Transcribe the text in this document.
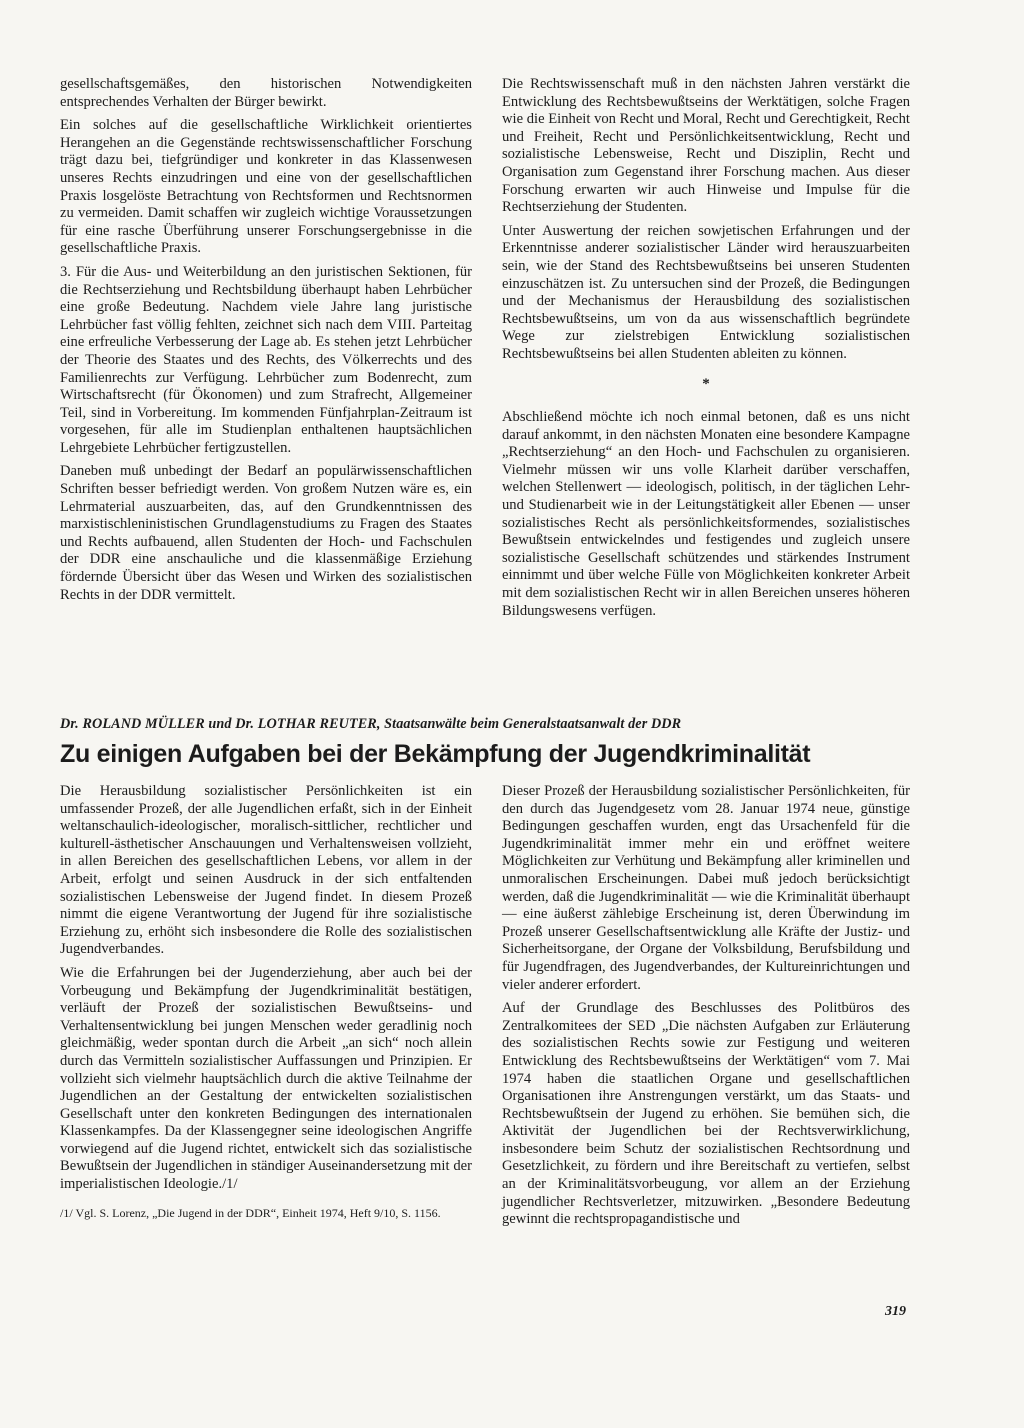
gesellschaftsgemäßes, den historischen Notwendigkeiten entsprechendes Verhalten der Bürger bewirkt.

Ein solches auf die gesellschaftliche Wirklichkeit orientiertes Herangehen an die Gegenstände rechtswissenschaftlicher Forschung trägt dazu bei, tiefgründiger und konkreter in das Klassenwesen unseres Rechts einzudringen und eine von der gesellschaftlichen Praxis losgelöste Betrachtung von Rechtsformen und Rechtsnormen zu vermeiden. Damit schaffen wir zugleich wichtige Voraussetzungen für eine rasche Überführung unserer Forschungsergebnisse in die gesellschaftliche Praxis.

3. Für die Aus- und Weiterbildung an den juristischen Sektionen, für die Rechtserziehung und Rechtsbildung überhaupt haben Lehrbücher eine große Bedeutung. Nachdem viele Jahre lang juristische Lehrbücher fast völlig fehlten, zeichnet sich nach dem VIII. Parteitag eine erfreuliche Verbesserung der Lage ab. Es stehen jetzt Lehrbücher der Theorie des Staates und des Rechts, des Völkerrechts und des Familienrechts zur Verfügung. Lehrbücher zum Bodenrecht, zum Wirtschaftsrecht (für Ökonomen) und zum Strafrecht, Allgemeiner Teil, sind in Vorbereitung. Im kommenden Fünfjahrplan-Zeitraum ist vorgesehen, für alle im Studienplan enthaltenen hauptsächlichen Lehrgebiete Lehrbücher fertigzustellen.

Daneben muß unbedingt der Bedarf an populärwissenschaftlichen Schriften besser befriedigt werden. Von großem Nutzen wäre es, ein Lehrmaterial auszuarbeiten, das, auf den Grundkenntnissen des marxistischleninistischen Grundlagenstudiums zu Fragen des Staates und Rechts aufbauend, allen Studenten der Hoch- und Fachschulen der DDR eine anschauliche und die klassenmäßige Erziehung fördernde Übersicht über das Wesen und Wirken des sozialistischen Rechts in der DDR vermittelt.

Die Rechtswissenschaft muß in den nächsten Jahren verstärkt die Entwicklung des Rechtsbewußtseins der Werktätigen, solche Fragen wie die Einheit von Recht und Moral, Recht und Gerechtigkeit, Recht und Freiheit, Recht und Persönlichkeitsentwicklung, Recht und sozialistische Lebensweise, Recht und Disziplin, Recht und Organisation zum Gegenstand ihrer Forschung machen. Aus dieser Forschung erwarten wir auch Hinweise und Impulse für die Rechtserziehung der Studenten.

Unter Auswertung der reichen sowjetischen Erfahrungen und der Erkenntnisse anderer sozialistischer Länder wird herauszuarbeiten sein, wie der Stand des Rechtsbewußtseins bei unseren Studenten einzuschätzen ist. Zu untersuchen sind der Prozeß, die Bedingungen und der Mechanismus der Herausbildung des sozialistischen Rechtsbewußtseins, um von da aus wissenschaftlich begründete Wege zur zielstrebigen Entwicklung sozialistischen Rechtsbewußtseins bei allen Studenten ableiten zu können.

*

Abschließend möchte ich noch einmal betonen, daß es uns nicht darauf ankommt, in den nächsten Monaten eine besondere Kampagne „Rechtserziehung“ an den Hoch- und Fachschulen zu organisieren. Vielmehr müssen wir uns volle Klarheit darüber verschaffen, welchen Stellenwert — ideologisch, politisch, in der täglichen Lehr- und Studienarbeit wie in der Leitungstätigkeit aller Ebenen — unser sozialistisches Recht als persönlichkeitsformendes, sozialistisches Bewußtsein entwickelndes und festigendes und zugleich unsere sozialistische Gesellschaft schützendes und stärkendes Instrument einnimmt und über welche Fülle von Möglichkeiten konkreter Arbeit mit dem sozialistischen Recht wir in allen Bereichen unseres höheren Bildungswesens verfügen.

Dr. ROLAND MÜLLER und Dr. LOTHAR REUTER, Staatsanwälte beim Generalstaatsanwalt der DDR
Zu einigen Aufgaben bei der Bekämpfung der Jugendkriminalität

Die Herausbildung sozialistischer Persönlichkeiten ist ein umfassender Prozeß, der alle Jugendlichen erfaßt, sich in der Einheit weltanschaulich-ideologischer, moralisch-sittlicher, rechtlicher und kulturell-ästhetischer Anschauungen und Verhaltensweisen vollzieht, in allen Bereichen des gesellschaftlichen Lebens, vor allem in der Arbeit, erfolgt und seinen Ausdruck in der sich entfaltenden sozialistischen Lebensweise der Jugend findet. In diesem Prozeß nimmt die eigene Verantwortung der Jugend für ihre sozialistische Erziehung zu, erhöht sich insbesondere die Rolle des sozialistischen Jugendverbandes.

Wie die Erfahrungen bei der Jugenderziehung, aber auch bei der Vorbeugung und Bekämpfung der Jugendkriminalität bestätigen, verläuft der Prozeß der sozialistischen Bewußtseins- und Verhaltensentwicklung bei jungen Menschen weder geradlinig noch gleichmäßig, weder spontan durch die Arbeit „an sich“ noch allein durch das Vermitteln sozialistischer Auffassungen und Prinzipien. Er vollzieht sich vielmehr hauptsächlich durch die aktive Teilnahme der Jugendlichen an der Gestaltung der entwickelten sozialistischen Gesellschaft unter den konkreten Bedingungen des internationalen Klassenkampfes. Da der Klassengegner seine ideologischen Angriffe vorwiegend auf die Jugend richtet, entwickelt sich das sozialistische Bewußtsein der Jugendlichen in ständiger Auseinandersetzung mit der imperialistischen Ideologie./1/

/1/ Vgl. S. Lorenz, „Die Jugend in der DDR“, Einheit 1974, Heft 9/10, S. 1156.

Dieser Prozeß der Herausbildung sozialistischer Persönlichkeiten, für den durch das Jugendgesetz vom 28. Januar 1974 neue, günstige Bedingungen geschaffen wurden, engt das Ursachenfeld für die Jugendkriminalität immer mehr ein und eröffnet weitere Möglichkeiten zur Verhütung und Bekämpfung aller kriminellen und unmoralischen Erscheinungen. Dabei muß jedoch berücksichtigt werden, daß die Jugendkriminalität — wie die Kriminalität überhaupt — eine äußerst zählebige Erscheinung ist, deren Überwindung im Prozeß unserer Gesellschaftsentwicklung alle Kräfte der Justiz- und Sicherheitsorgane, der Organe der Volksbildung, Berufsbildung und für Jugendfragen, des Jugendverbandes, der Kultureinrichtungen und vieler anderer erfordert.

Auf der Grundlage des Beschlusses des Politbüros des Zentralkomitees der SED „Die nächsten Aufgaben zur Erläuterung des sozialistischen Rechts sowie zur Festigung und weiteren Entwicklung des Rechtsbewußtseins der Werktätigen“ vom 7. Mai 1974 haben die staatlichen Organe und gesellschaftlichen Organisationen ihre Anstrengungen verstärkt, um das Staats- und Rechtsbewußtsein der Jugend zu erhöhen. Sie bemühen sich, die Aktivität der Jugendlichen bei der Rechtsverwirklichung, insbesondere beim Schutz der sozialistischen Rechtsordnung und Gesetzlichkeit, zu fördern und ihre Bereitschaft zu vertiefen, selbst an der Kriminalitätsvorbeugung, vor allem an der Erziehung jugendlicher Rechtsverletzer, mitzuwirken. „Besondere Bedeutung gewinnt die rechtspropagandistische und

319
